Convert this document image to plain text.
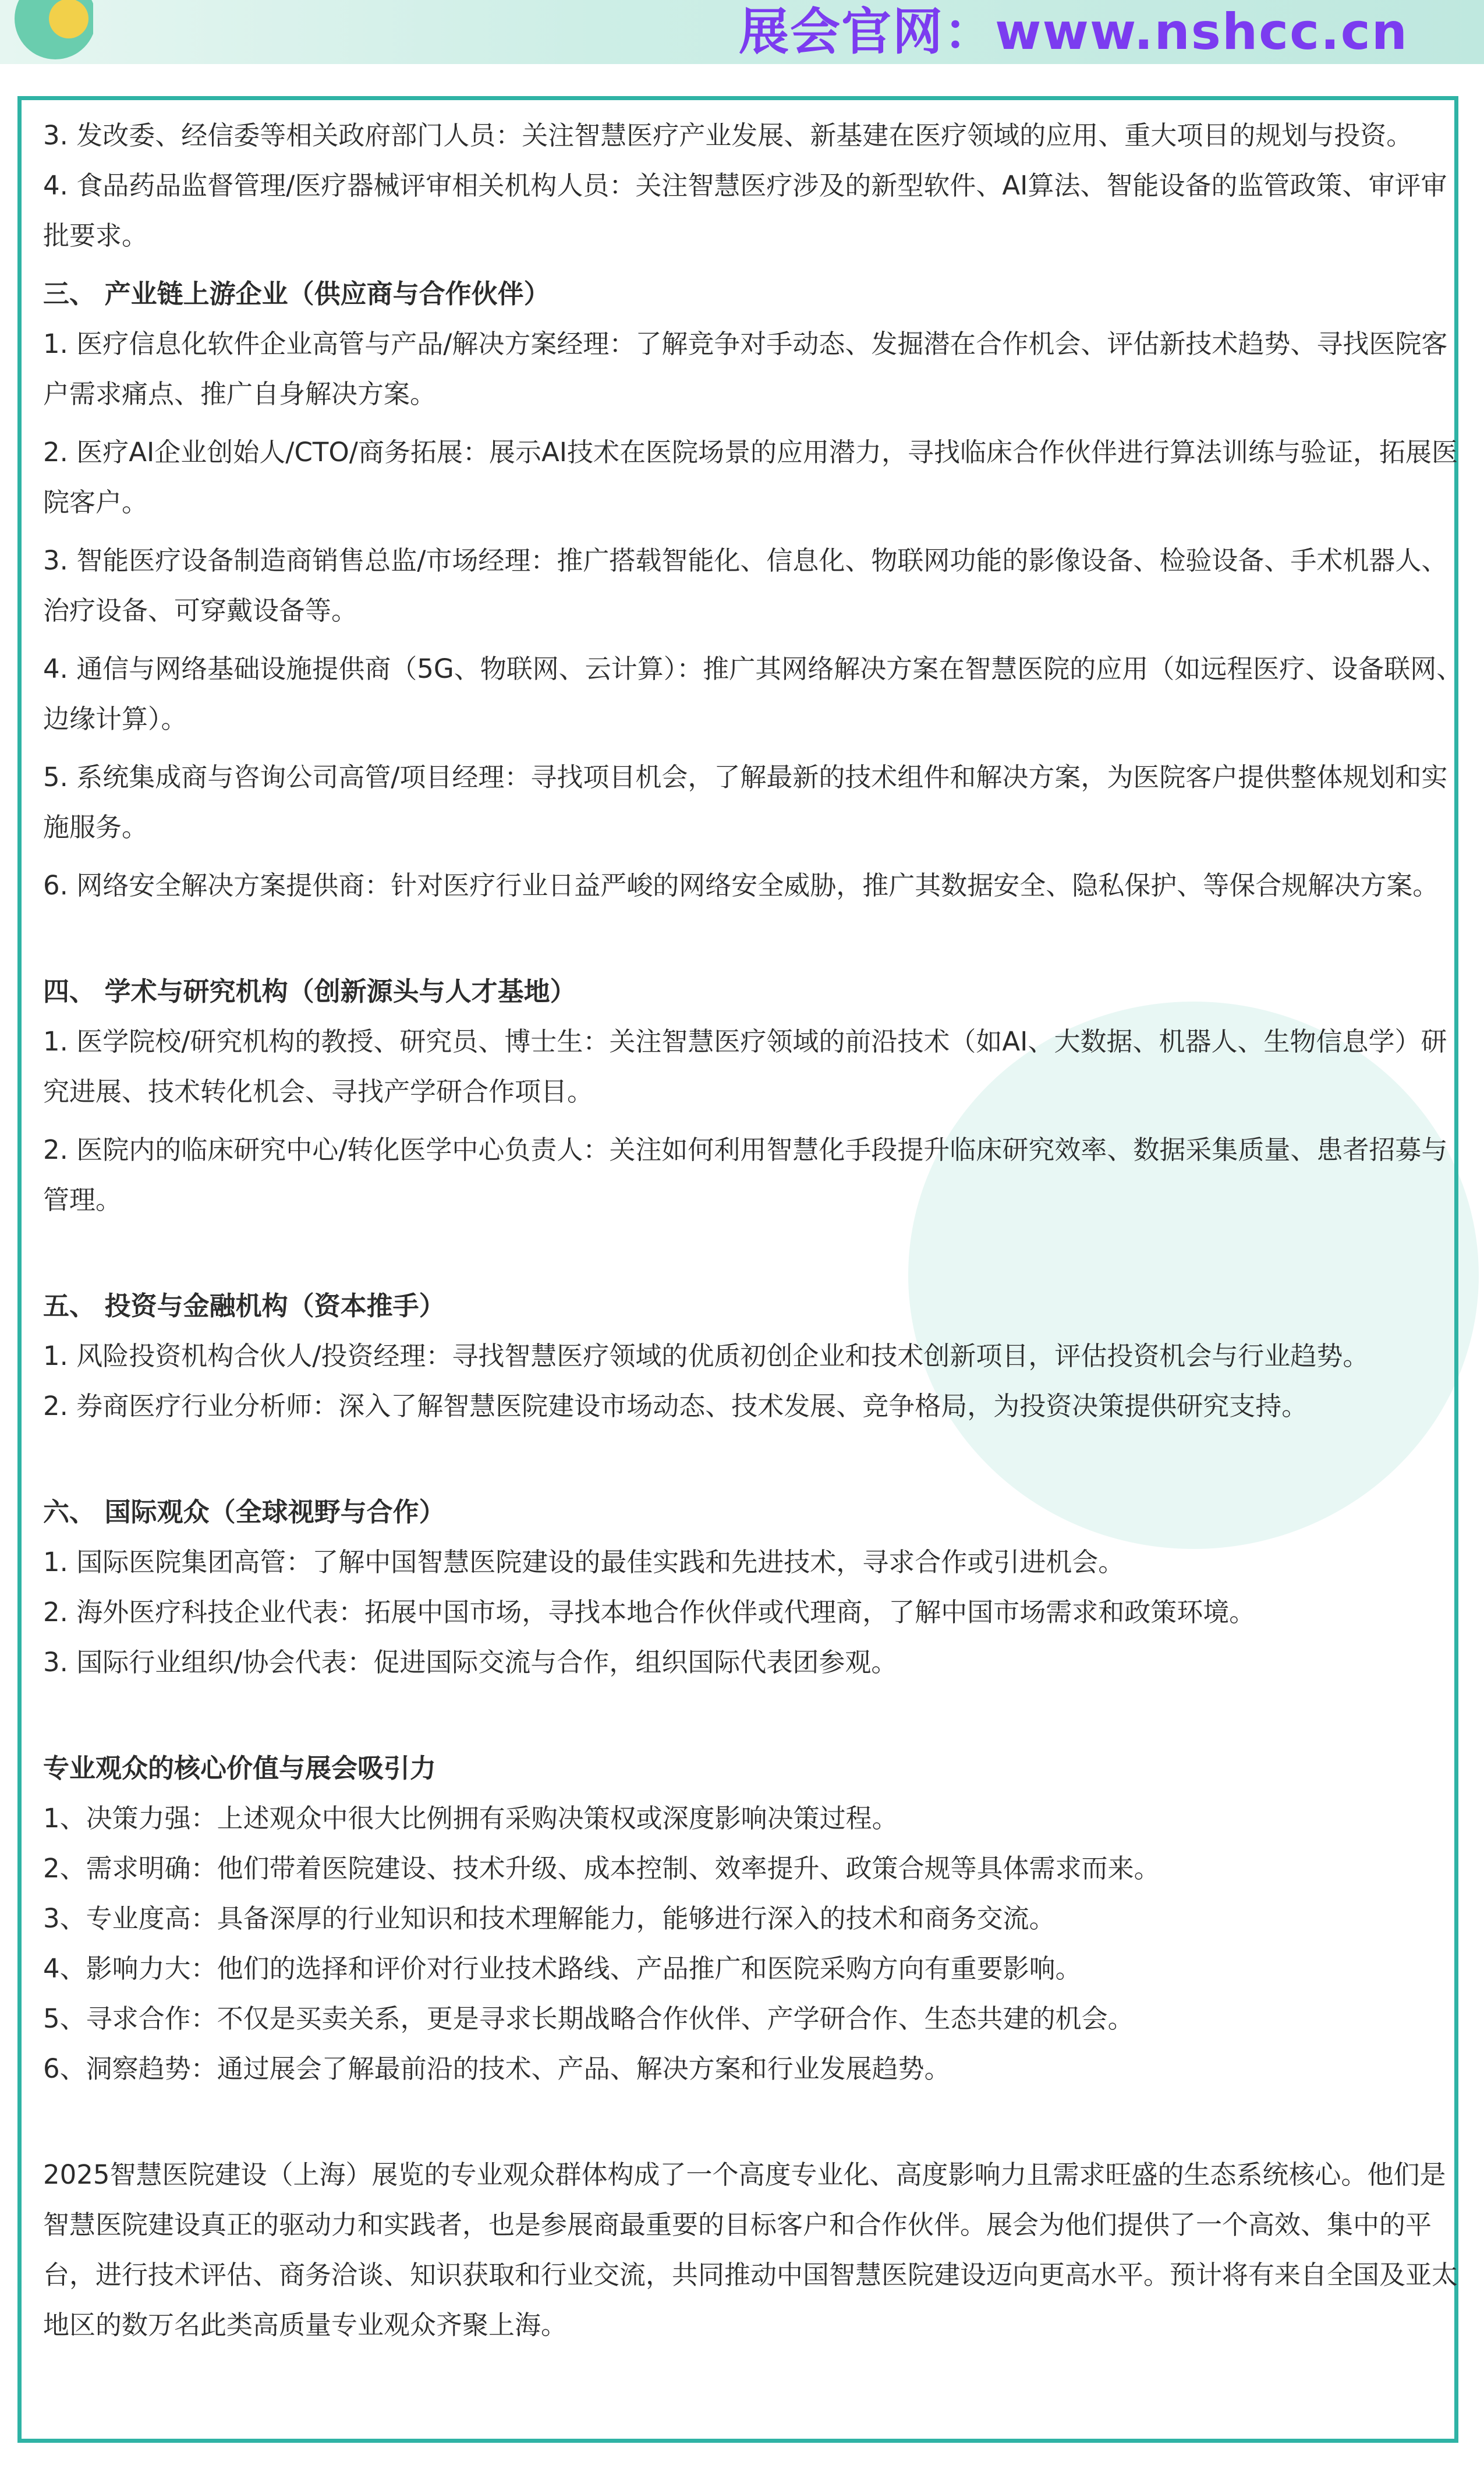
展会官网：www.nshcc.cn

3. 发改委、经信委等相关政府部门人员：关注智慧医疗产业发展、新基建在医疗领域的应用、重大项目的规划与投资。

4. 食品药品监督管理/医疗器械评审相关机构人员：关注智慧医疗涉及的新型软件、AI算法、智能设备的监管政策、审评审批要求。

三、 产业链上游企业（供应商与合作伙伴）

1. 医疗信息化软件企业高管与产品/解决方案经理：了解竞争对手动态、发掘潜在合作机会、评估新技术趋势、寻找医院客户需求痛点、推广自身解决方案。

2. 医疗AI企业创始人/CTO/商务拓展：展示AI技术在医院场景的应用潜力，寻找临床合作伙伴进行算法训练与验证，拓展医院客户。

3. 智能医疗设备制造商销售总监/市场经理：推广搭载智能化、信息化、物联网功能的影像设备、检验设备、手术机器人、治疗设备、可穿戴设备等。

4. 通信与网络基础设施提供商（5G、物联网、云计算）：推广其网络解决方案在智慧医院的应用（如远程医疗、设备联网、边缘计算）。

5. 系统集成商与咨询公司高管/项目经理：寻找项目机会，了解最新的技术组件和解决方案，为医院客户提供整体规划和实施服务。

6. 网络安全解决方案提供商：针对医疗行业日益严峻的网络安全威胁，推广其数据安全、隐私保护、等保合规解决方案。

四、 学术与研究机构（创新源头与人才基地）

1. 医学院校/研究机构的教授、研究员、博士生：关注智慧医疗领域的前沿技术（如AI、大数据、机器人、生物信息学）研究进展、技术转化机会、寻找产学研合作项目。

2. 医院内的临床研究中心/转化医学中心负责人：关注如何利用智慧化手段提升临床研究效率、数据采集质量、患者招募与管理。

五、 投资与金融机构（资本推手）

1. 风险投资机构合伙人/投资经理：寻找智慧医疗领域的优质初创企业和技术创新项目，评估投资机会与行业趋势。

2. 券商医疗行业分析师：深入了解智慧医院建设市场动态、技术发展、竞争格局，为投资决策提供研究支持。

六、 国际观众（全球视野与合作）

1. 国际医院集团高管：了解中国智慧医院建设的最佳实践和先进技术，寻求合作或引进机会。

2. 海外医疗科技企业代表：拓展中国市场，寻找本地合作伙伴或代理商，了解中国市场需求和政策环境。

3. 国际行业组织/协会代表：促进国际交流与合作，组织国际代表团参观。

专业观众的核心价值与展会吸引力

1、决策力强：上述观众中很大比例拥有采购决策权或深度影响决策过程。

2、需求明确：他们带着医院建设、技术升级、成本控制、效率提升、政策合规等具体需求而来。

3、专业度高：具备深厚的行业知识和技术理解能力，能够进行深入的技术和商务交流。

4、影响力大：他们的选择和评价对行业技术路线、产品推广和医院采购方向有重要影响。

5、寻求合作：不仅是买卖关系，更是寻求长期战略合作伙伴、产学研合作、生态共建的机会。

6、洞察趋势：通过展会了解最前沿的技术、产品、解决方案和行业发展趋势。

2025智慧医院建设（上海）展览的专业观众群体构成了一个高度专业化、高度影响力且需求旺盛的生态系统核心。他们是智慧医院建设真正的驱动力和实践者，也是参展商最重要的目标客户和合作伙伴。展会为他们提供了一个高效、集中的平台，进行技术评估、商务洽谈、知识获取和行业交流，共同推动中国智慧医院建设迈向更高水平。预计将有来自全国及亚太地区的数万名此类高质量专业观众齐聚上海。
